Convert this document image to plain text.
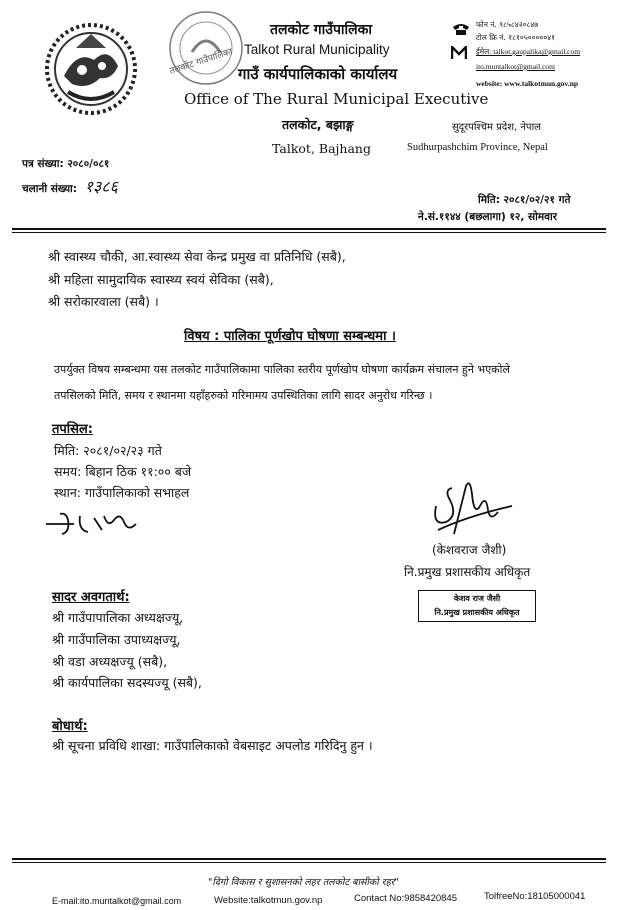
तलकोट गाउँपालिका
तलकोट गाउँपालिका
Talkot Rural Municipality
गाउँ कार्यपालिकाको कार्यालय
Office of The Rural Municipal Executive
तलकोट, बझाङ्ग
Talkot, Bajhang
सुदूरपश्चिम प्रदेश, नेपाल
Sudhurpashchim Province, Nepal
फोन नं. ९८५८४२०८४७
टोल फ्रि नं. १८१०५०००००४१
ईमेल: talkot.gaupalika@gmail.com
ito.muntalkot@gmail.com
website: www.talkotmun.gov.np
पत्र संख्या: २०८०/०८१
चलानी संख्या: १३८६
मिति: २०८१/०२/२१ गते
ने.सं.११४४ (बछलागा) १२, सोमवार
श्री स्वास्थ्य चौकी, आ.स्वास्थ्य सेवा केन्द्र प्रमुख वा प्रतिनिधि (सबै),
श्री महिला सामुदायिक स्वास्थ्य स्वयं सेविका (सबै),
श्री सरोकारवाला (सबै) ।
विषय : पालिका पूर्णखोप घोषणा सम्बन्धमा ।
उपर्युक्त विषय सम्बन्धमा यस तलकोट गाउँपालिकामा पालिका स्तरीय पूर्णखोप घोषणा कार्यक्रम संचालन हुने भएकोले
तपसिलको मिति, समय र स्थानमा यहाँहरुको गरिमामय उपस्थितिका लागि सादर अनुरोध गरिन्छ ।
तपसिल:
मिति: २०८१/०२/२३ गते
समय: बिहान ठिक ११:०० बजे
स्थान: गाउँपालिकाको सभाहल
(केशवराज जैशी)
नि.प्रमुख प्रशासकीय अधिकृत
केशव राज जैसी
नि.प्रमुख प्रशासकीय अधिकृत
सादर अवगतार्थ:
श्री गाउँपापालिका अध्यक्षज्यू,
श्री गाउँपालिका उपाध्यक्षज्यू,
श्री वडा अध्यक्षज्यू (सबै),
श्री कार्यपालिका सदस्यज्यू (सबै),
बोधार्थ:
श्री सूचना प्रविधि शाखा: गाउँपालिकाको वेबसाइट अपलोड गरिदिनु हुन ।
"दिगो विकास र सुशासनको लहर तलकोट बासीको रहर"
E-mail:ito.muntalkot@gmail.com	Website:talkotmun.gov.np	Contact No:9858420845	TolfreeNo:18105000041
